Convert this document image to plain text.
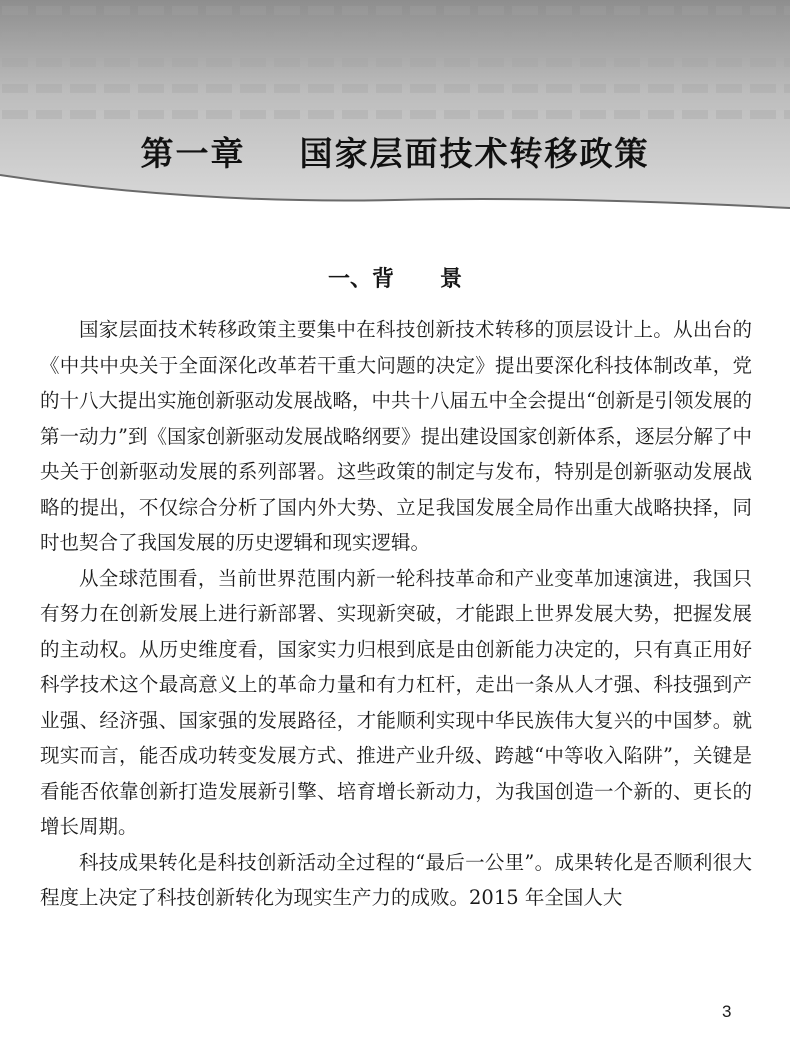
第一章    国家层面技术转移政策
一、背      景

国家层面技术转移政策主要集中在科技创新技术转移的顶层设计上。从出台的《中共中央关于全面深化改革若干重大问题的决定》提出要深化科技体制改革，党的十八大提出实施创新驱动发展战略，中共十八届五中全会提出“创新是引领发展的第一动力”到《国家创新驱动发展战略纲要》提出建设国家创新体系，逐层分解了中央关于创新驱动发展的系列部署。这些政策的制定与发布，特别是创新驱动发展战略的提出，不仅综合分析了国内外大势、立足我国发展全局作出重大战略抉择，同时也契合了我国发展的历史逻辑和现实逻辑。

从全球范围看，当前世界范围内新一轮科技革命和产业变革加速演进，我国只有努力在创新发展上进行新部署、实现新突破，才能跟上世界发展大势，把握发展的主动权。从历史维度看，国家实力归根到底是由创新能力决定的，只有真正用好科学技术这个最高意义上的革命力量和有力杠杆，走出一条从人才强、科技强到产业强、经济强、国家强的发展路径，才能顺利实现中华民族伟大复兴的中国梦。就现实而言，能否成功转变发展方式、推进产业升级、跨越“中等收入陷阱”，关键是看能否依靠创新打造发展新引擎、培育增长新动力，为我国创造一个新的、更长的增长周期。

科技成果转化是科技创新活动全过程的“最后一公里”。成果转化是否顺利很大程度上决定了科技创新转化为现实生产力的成败。2015 年全国人大

3
